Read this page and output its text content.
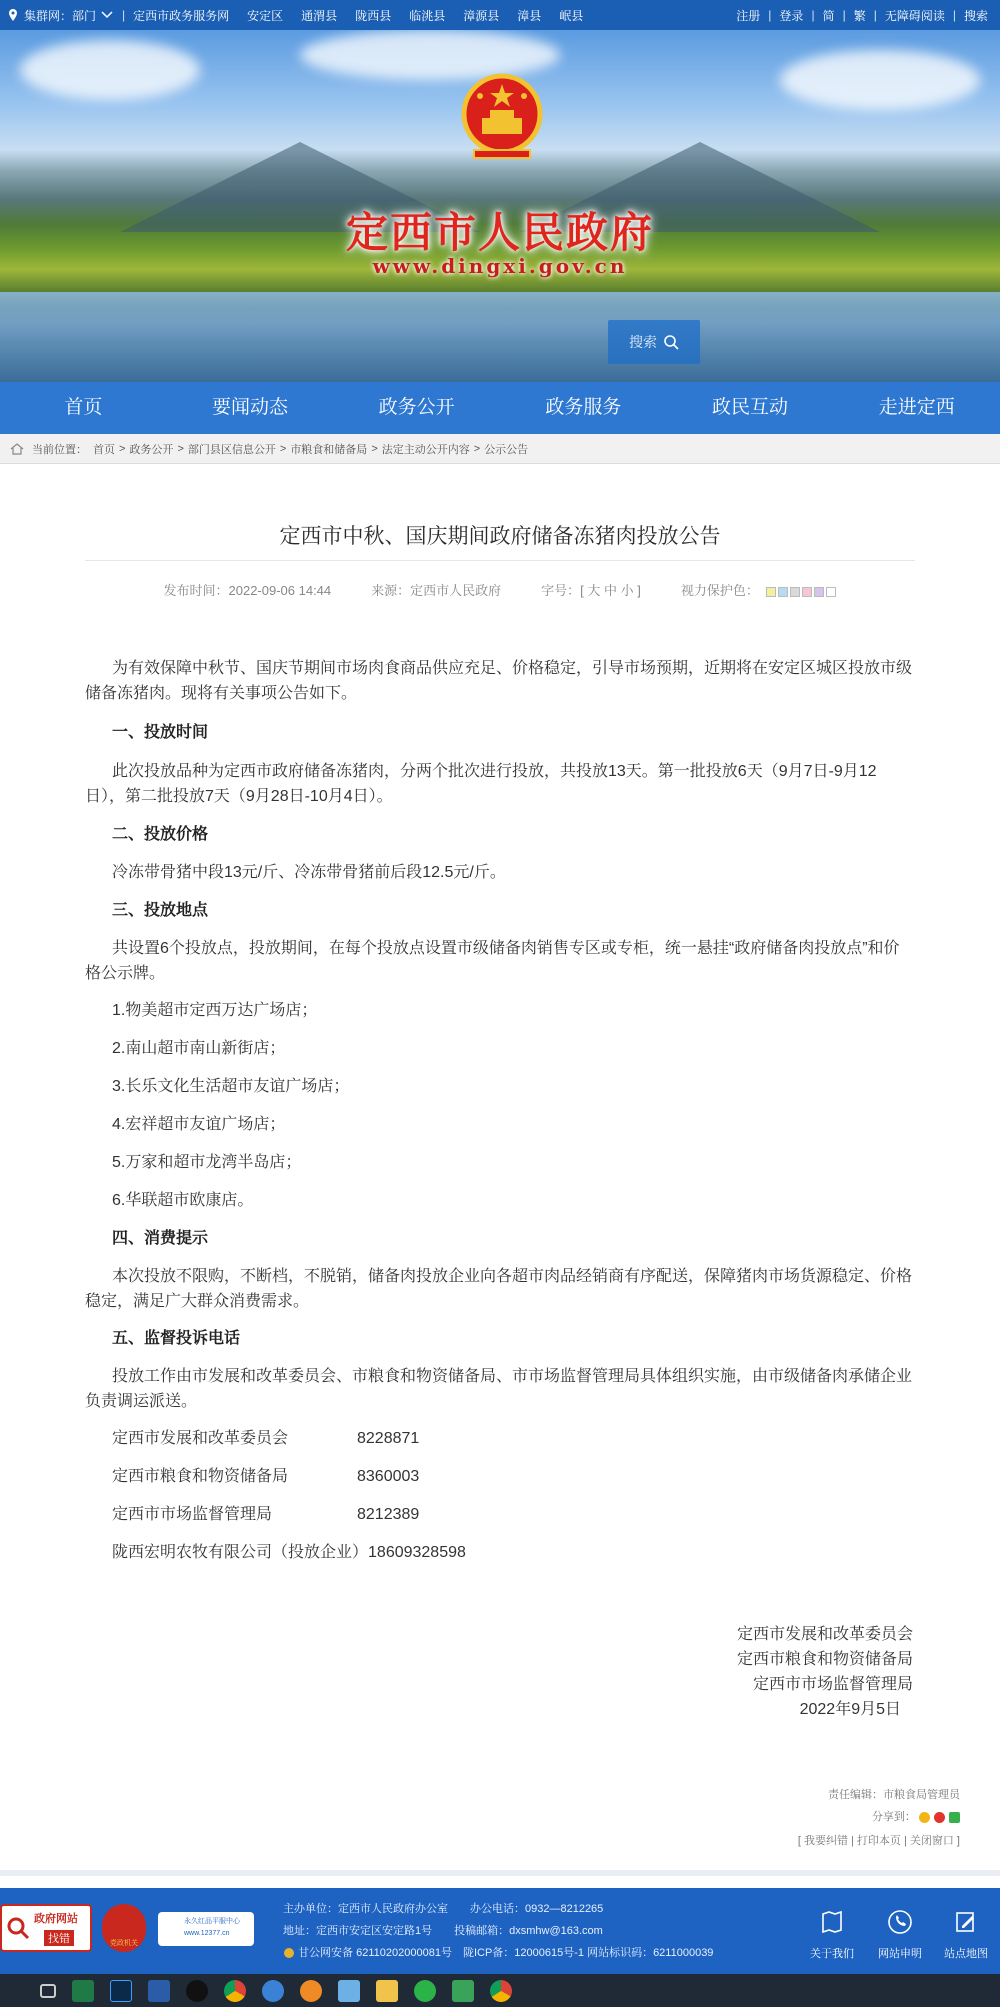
集群网：部门 | 定西市政务服务网 安定区 通渭县 陇西县 临洮县 漳源县 漳县 岷县	注册 | 登录 | 简 | 繁 | 无障碍阅读 | 搜索
定西市人民政府
www.dingxi.gov.cn
搜索
首页	要闻动态	政务公开	政务服务	政民互动	走进定西
当前位置： 首页 > 政务公开 > 部门县区信息公开 > 市粮食和储备局 > 法定主动公开内容 > 公示公告
定西市中秋、国庆期间政府储备冻猪肉投放公告
发布时间：2022-09-06 14:44	来源：定西市人民政府	字号：[ 大 中 小 ]	视力保护色：
为有效保障中秋节、国庆节期间市场肉食商品供应充足、价格稳定，引导市场预期，近期将在安定区城区投放市级储备冻猪肉。现将有关事项公告如下。
一、投放时间
此次投放品种为定西市政府储备冻猪肉，分两个批次进行投放，共投放13天。第一批投放6天（9月7日-9月12日），第二批投放7天（9月28日-10月4日）。
二、投放价格
冷冻带骨猪中段13元/斤、冷冻带骨猪前后段12.5元/斤。
三、投放地点
共设置6个投放点，投放期间，在每个投放点设置市级储备肉销售专区或专柜，统一悬挂“政府储备肉投放点”和价格公示牌。
1.物美超市定西万达广场店；
2.南山超市南山新街店；
3.长乐文化生活超市友谊广场店；
4.宏祥超市友谊广场店；
5.万家和超市龙湾半岛店；
6.华联超市欧康店。
四、消费提示
本次投放不限购，不断档，不脱销，储备肉投放企业向各超市肉品经销商有序配送，保障猪肉市场货源稳定、价格稳定，满足广大群众消费需求。
五、监督投诉电话
投放工作由市发展和改革委员会、市粮食和物资储备局、市市场监督管理局具体组织实施，由市级储备肉承储企业负责调运派送。
定西市发展和改革委员会	8228871
定西市粮食和物资储备局	8360003
定西市市场监督管理局	8212389
陇西宏明农牧有限公司（投放企业）18609328598
定西市发展和改革委员会
定西市粮食和物资储备局
定西市市场监督管理局
2022年9月5日
责任编辑：市粮食局管理员
分享到：
[ 我要纠错 | 打印本页 | 关闭窗口 ]
政府网站
找错	党政机关
永久红品平服中心 www.12377.cn
主办单位：定西市人民政府办公室　　 办公电话：0932—8212265
地址：定西市安定区安定路1号　　 投稿邮箱：dxsmhw@163.com
甘公网安备 62110202000081号　陇ICP备：12000615号-1 网站标识码：6211000039	关于我们	网站申明	站点地图
